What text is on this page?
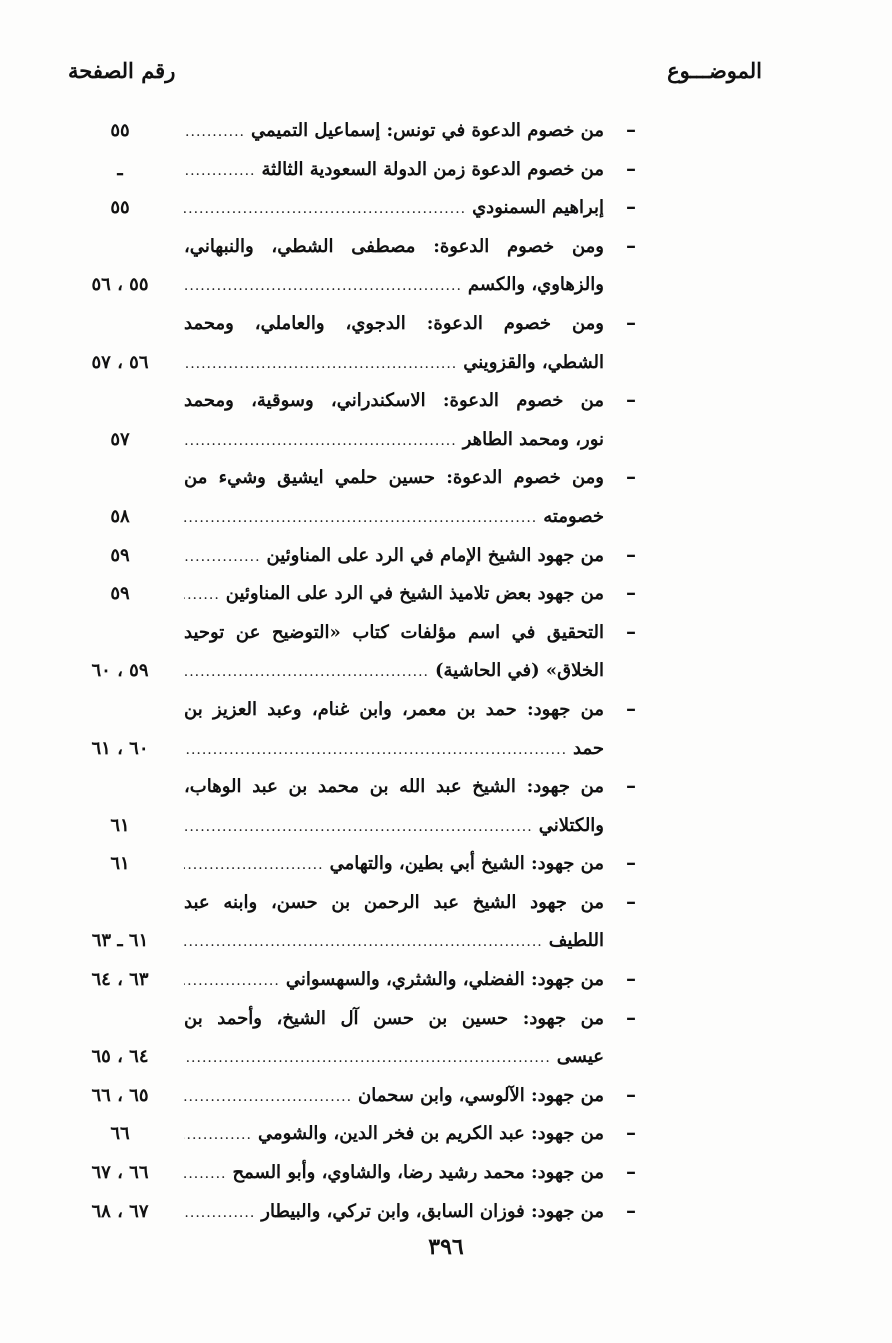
الموضـــوع
رقم الصفحة
–
٥٥	من خصوم الدعوة في تونس: إسماعيل التميمي
.....
–
ـ	من خصوم الدعوة زمن الدولة السعودية الثالثة
.....
–
٥٥	إبراهيم السمنودي
.....
–
ومن خصوم الدعوة: مصطفى الشطي، والنبهاني،
٥٥ ، ٥٦	والزهاوي، والكسم
.....
–
ومن خصوم الدعوة: الدجوي، والعاملي، ومحمد
٥٦ ، ٥٧	الشطي، والقزويني
.....
–
من خصوم الدعوة: الاسكندراني، وسوقية، ومحمد
٥٧	نور، ومحمد الطاهر
.....
–
ومن خصوم الدعوة: حسين حلمي ايشيق وشيء من
٥٨	خصومته
.....
–
٥٩	من جهود الشيخ الإمام في الرد على المناوئين
.....
–
٥٩	من جهود بعض تلاميذ الشيخ في الرد على المناوئين
.....
–
التحقيق في اسم مؤلفات كتاب «التوضيح عن توحيد
٥٩ ، ٦٠	الخلاق» (في الحاشية)
.....
–
من جهود: حمد بن معمر، وابن غنام، وعبد العزيز بن
٦٠ ، ٦١	حمد
.....
–
من جهود: الشيخ عبد الله بن محمد بن عبد الوهاب،
٦١	والكتلاني
.....
–
٦١	من جهود: الشيخ أبي بطين، والتهامي
.....
–
من جهود الشيخ عبد الرحمن بن حسن، وابنه عبد
٦١ ـ ٦٣	اللطيف
.....
–
٦٣ ، ٦٤	من جهود: الفضلي، والشثري، والسهسواني
.....
–
من جهود: حسين بن حسن آل الشيخ، وأحمد بن
٦٤ ، ٦٥	عيسى
.....
–
٦٥ ، ٦٦	من جهود: الآلوسي، وابن سحمان
.....
–
٦٦	من جهود: عبد الكريم بن فخر الدين، والشومي
.....
–
٦٦ ، ٦٧	من جهود: محمد رشيد رضا، والشاوي، وأبو السمح
.....
–
٦٧ ، ٦٨	من جهود: فوزان السابق، وابن تركي، والبيطار
.....
٣٩٦
